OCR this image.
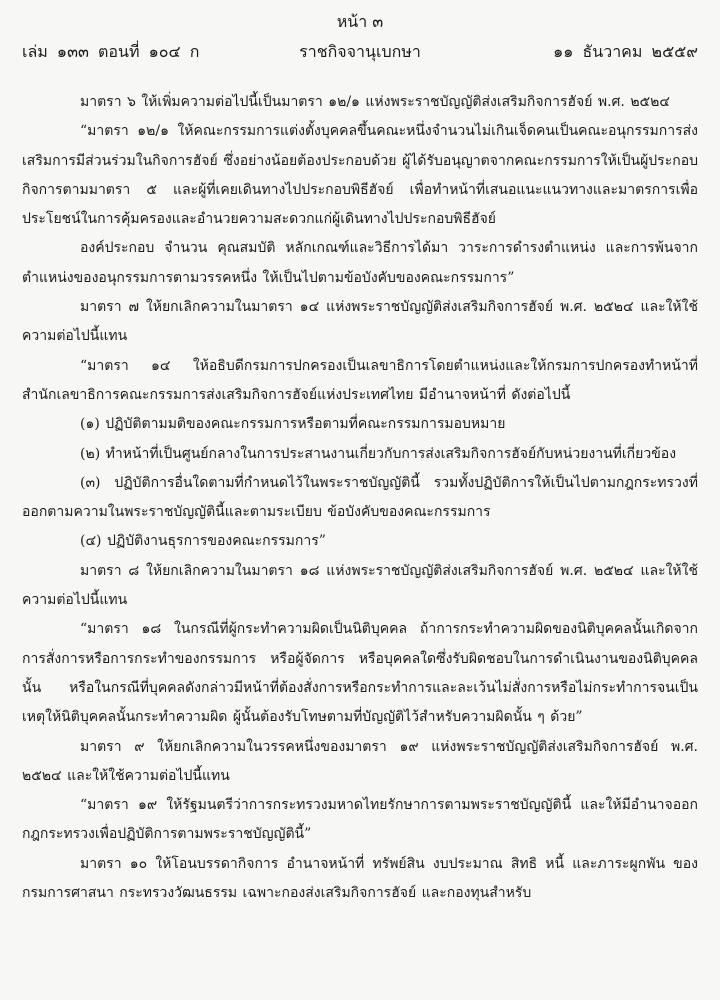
หน้า ๓
เล่ม ๑๓๓ ตอนที่ ๑๐๔ ก	ราชกิจจานุเบกษา	๑๑ ธันวาคม ๒๕๕๙

มาตรา ๖ ให้เพิ่มความต่อไปนี้เป็นมาตรา ๑๒/๑ แห่งพระราชบัญญัติส่งเสริมกิจการฮัจย์ พ.ศ. ๒๕๒๔

“มาตรา ๑๒/๑ ให้คณะกรรมการแต่งตั้งบุคคลขึ้นคณะหนึ่งจำนวนไม่เกินเจ็ดคนเป็นคณะอนุกรรมการส่งเสริมการมีส่วนร่วมในกิจการฮัจย์ ซึ่งอย่างน้อยต้องประกอบด้วย ผู้ได้รับอนุญาตจากคณะกรรมการให้เป็นผู้ประกอบกิจการตามมาตรา ๕ และผู้ที่เคยเดินทางไปประกอบพิธีฮัจย์ เพื่อทำหน้าที่เสนอแนะแนวทางและมาตรการเพื่อประโยชน์ในการคุ้มครองและอำนวยความสะดวกแก่ผู้เดินทางไปประกอบพิธีฮัจย์

องค์ประกอบ จำนวน คุณสมบัติ หลักเกณฑ์และวิธีการได้มา วาระการดำรงตำแหน่ง และการพ้นจากตำแหน่งของอนุกรรมการตามวรรคหนึ่ง ให้เป็นไปตามข้อบังคับของคณะกรรมการ”

มาตรา ๗ ให้ยกเลิกความในมาตรา ๑๔ แห่งพระราชบัญญัติส่งเสริมกิจการฮัจย์ พ.ศ. ๒๕๒๔ และให้ใช้ความต่อไปนี้แทน

“มาตรา ๑๔ ให้อธิบดีกรมการปกครองเป็นเลขาธิการโดยตำแหน่งและให้กรมการปกครองทำหน้าที่สำนักเลขาธิการคณะกรรมการส่งเสริมกิจการฮัจย์แห่งประเทศไทย มีอำนาจหน้าที่ ดังต่อไปนี้

(๑) ปฏิบัติตามมติของคณะกรรมการหรือตามที่คณะกรรมการมอบหมาย

(๒) ทำหน้าที่เป็นศูนย์กลางในการประสานงานเกี่ยวกับการส่งเสริมกิจการฮัจย์กับหน่วยงานที่เกี่ยวข้อง

(๓) ปฏิบัติการอื่นใดตามที่กำหนดไว้ในพระราชบัญญัตินี้ รวมทั้งปฏิบัติการให้เป็นไปตามกฎกระทรวงที่ออกตามความในพระราชบัญญัตินี้และตามระเบียบ ข้อบังคับของคณะกรรมการ

(๔) ปฏิบัติงานธุรการของคณะกรรมการ”

มาตรา ๘ ให้ยกเลิกความในมาตรา ๑๘ แห่งพระราชบัญญัติส่งเสริมกิจการฮัจย์ พ.ศ. ๒๕๒๔ และให้ใช้ความต่อไปนี้แทน

“มาตรา ๑๘ ในกรณีที่ผู้กระทำความผิดเป็นนิติบุคคล ถ้าการกระทำความผิดของนิติบุคคลนั้นเกิดจากการสั่งการหรือการกระทำของกรรมการ หรือผู้จัดการ หรือบุคคลใดซึ่งรับผิดชอบในการดำเนินงานของนิติบุคคลนั้น หรือในกรณีที่บุคคลดังกล่าวมีหน้าที่ต้องสั่งการหรือกระทำการและละเว้นไม่สั่งการหรือไม่กระทำการจนเป็นเหตุให้นิติบุคคลนั้นกระทำความผิด ผู้นั้นต้องรับโทษตามที่บัญญัติไว้สำหรับความผิดนั้น ๆ ด้วย”

มาตรา ๙ ให้ยกเลิกความในวรรคหนึ่งของมาตรา ๑๙ แห่งพระราชบัญญัติส่งเสริมกิจการฮัจย์ พ.ศ. ๒๕๒๔ และให้ใช้ความต่อไปนี้แทน

“มาตรา ๑๙ ให้รัฐมนตรีว่าการกระทรวงมหาดไทยรักษาการตามพระราชบัญญัตินี้ และให้มีอำนาจออกกฎกระทรวงเพื่อปฏิบัติการตามพระราชบัญญัตินี้”

มาตรา ๑๐ ให้โอนบรรดากิจการ อำนาจหน้าที่ ทรัพย์สิน งบประมาณ สิทธิ หนี้ และภาระผูกพัน ของกรมการศาสนา กระทรวงวัฒนธรรม เฉพาะกองส่งเสริมกิจการฮัจย์ และกองทุนสำหรับ
